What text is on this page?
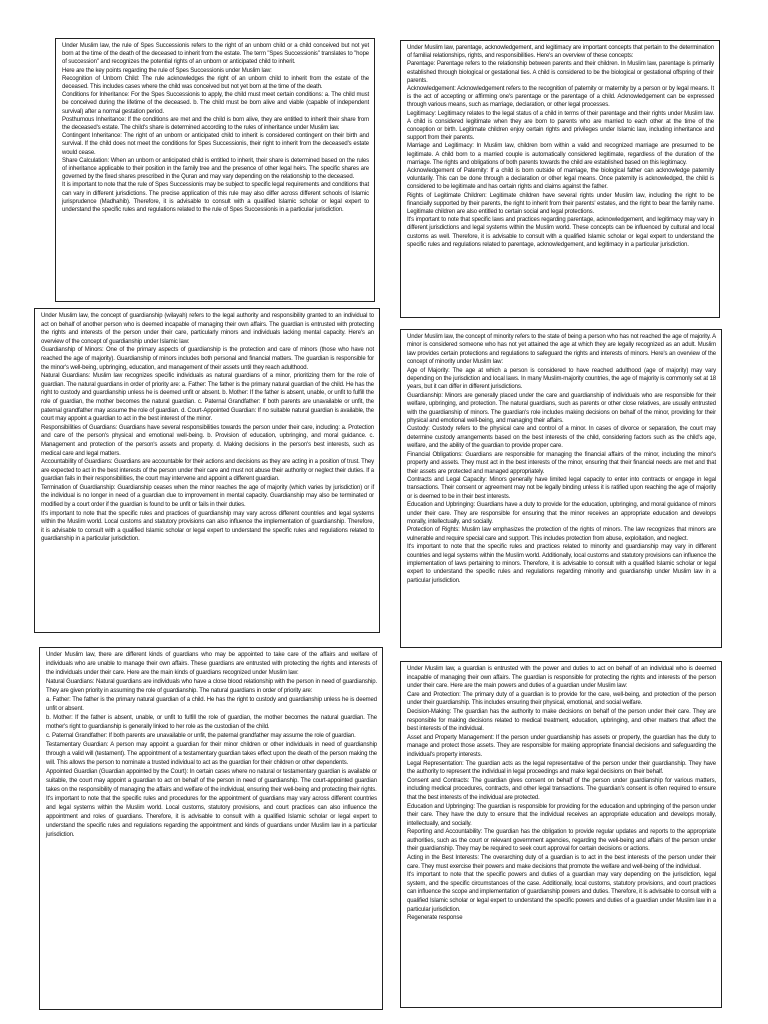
Under Muslim law, the rule of Spes Successionis refers to the right of an unborn child or a child conceived but not yet born at the time of the death of the deceased to inherit from the estate. The term "Spes Successionis" translates to "hope of succession" and recognizes the potential rights of an unborn or anticipated child to inherit.

Here are the key points regarding the rule of Spes Successionis under Muslim law:

Recognition of Unborn Child: The rule acknowledges the right of an unborn child to inherit from the estate of the deceased. This includes cases where the child was conceived but not yet born at the time of the death.

Conditions for Inheritance: For the Spes Successionis to apply, the child must meet certain conditions: a. The child must be conceived during the lifetime of the deceased. b. The child must be born alive and viable (capable of independent survival) after a normal gestation period.

Posthumous Inheritance: If the conditions are met and the child is born alive, they are entitled to inherit their share from the deceased's estate. The child's share is determined according to the rules of inheritance under Muslim law.

Contingent Inheritance: The right of an unborn or anticipated child to inherit is considered contingent on their birth and survival. If the child does not meet the conditions for Spes Successionis, their right to inherit from the deceased's estate would cease.

Share Calculation: When an unborn or anticipated child is entitled to inherit, their share is determined based on the rules of inheritance applicable to their position in the family tree and the presence of other legal heirs. The specific shares are governed by the fixed shares prescribed in the Quran and may vary depending on the relationship to the deceased.

It is important to note that the rule of Spes Successionis may be subject to specific legal requirements and conditions that can vary in different jurisdictions. The precise application of this rule may also differ across different schools of Islamic jurisprudence (Madhahib). Therefore, it is advisable to consult with a qualified Islamic scholar or legal expert to understand the specific rules and regulations related to the rule of Spes Successionis in a particular jurisdiction.

Under Muslim law, the concept of guardianship (wilayah) refers to the legal authority and responsibility granted to an individual to act on behalf of another person who is deemed incapable of managing their own affairs. The guardian is entrusted with protecting the rights and interests of the person under their care, particularly minors and individuals lacking mental capacity. Here's an overview of the concept of guardianship under Islamic law:

Guardianship of Minors: One of the primary aspects of guardianship is the protection and care of minors (those who have not reached the age of majority). Guardianship of minors includes both personal and financial matters. The guardian is responsible for the minor's well-being, upbringing, education, and management of their assets until they reach adulthood.

Natural Guardians: Muslim law recognizes specific individuals as natural guardians of a minor, prioritizing them for the role of guardian. The natural guardians in order of priority are: a. Father: The father is the primary natural guardian of the child. He has the right to custody and guardianship unless he is deemed unfit or absent. b. Mother: If the father is absent, unable, or unfit to fulfill the role of guardian, the mother becomes the natural guardian. c. Paternal Grandfather: If both parents are unavailable or unfit, the paternal grandfather may assume the role of guardian. d. Court-Appointed Guardian: If no suitable natural guardian is available, the court may appoint a guardian to act in the best interest of the minor.

Responsibilities of Guardians: Guardians have several responsibilities towards the person under their care, including: a. Protection and care of the person's physical and emotional well-being. b. Provision of education, upbringing, and moral guidance. c. Management and protection of the person's assets and property. d. Making decisions in the person's best interests, such as medical care and legal matters.

Accountability of Guardians: Guardians are accountable for their actions and decisions as they are acting in a position of trust. They are expected to act in the best interests of the person under their care and must not abuse their authority or neglect their duties. If a guardian fails in their responsibilities, the court may intervene and appoint a different guardian.

Termination of Guardianship: Guardianship ceases when the minor reaches the age of majority (which varies by jurisdiction) or if the individual is no longer in need of a guardian due to improvement in mental capacity. Guardianship may also be terminated or modified by a court order if the guardian is found to be unfit or fails in their duties.

It's important to note that the specific rules and practices of guardianship may vary across different countries and legal systems within the Muslim world. Local customs and statutory provisions can also influence the implementation of guardianship. Therefore, it is advisable to consult with a qualified Islamic scholar or legal expert to understand the specific rules and regulations related to guardianship in a particular jurisdiction.

Under Muslim law, there are different kinds of guardians who may be appointed to take care of the affairs and welfare of individuals who are unable to manage their own affairs. These guardians are entrusted with protecting the rights and interests of the individuals under their care. Here are the main kinds of guardians recognized under Muslim law:

Natural Guardians: Natural guardians are individuals who have a close blood relationship with the person in need of guardianship. They are given priority in assuming the role of guardianship. The natural guardians in order of priority are:

a. Father: The father is the primary natural guardian of a child. He has the right to custody and guardianship unless he is deemed unfit or absent.

b. Mother: If the father is absent, unable, or unfit to fulfill the role of guardian, the mother becomes the natural guardian. The mother's right to guardianship is generally linked to her role as the custodian of the child.

c. Paternal Grandfather: If both parents are unavailable or unfit, the paternal grandfather may assume the role of guardian.

Testamentary Guardian: A person may appoint a guardian for their minor children or other individuals in need of guardianship through a valid will (testament). The appointment of a testamentary guardian takes effect upon the death of the person making the will. This allows the person to nominate a trusted individual to act as the guardian for their children or other dependents.

Appointed Guardian (Guardian appointed by the Court): In certain cases where no natural or testamentary guardian is available or suitable, the court may appoint a guardian to act on behalf of the person in need of guardianship. The court-appointed guardian takes on the responsibility of managing the affairs and welfare of the individual, ensuring their well-being and protecting their rights.

It's important to note that the specific rules and procedures for the appointment of guardians may vary across different countries and legal systems within the Muslim world. Local customs, statutory provisions, and court practices can also influence the appointment and roles of guardians. Therefore, it is advisable to consult with a qualified Islamic scholar or legal expert to understand the specific rules and regulations regarding the appointment and kinds of guardians under Muslim law in a particular jurisdiction.

Under Muslim law, parentage, acknowledgement, and legitimacy are important concepts that pertain to the determination of familial relationships, rights, and responsibilities. Here's an overview of these concepts:

Parentage: Parentage refers to the relationship between parents and their children. In Muslim law, parentage is primarily established through biological or gestational ties. A child is considered to be the biological or gestational offspring of their parents.

Acknowledgement: Acknowledgement refers to the recognition of paternity or maternity by a person or by legal means. It is the act of accepting or affirming one's parentage or the parentage of a child. Acknowledgement can be expressed through various means, such as marriage, declaration, or other legal processes.

Legitimacy: Legitimacy relates to the legal status of a child in terms of their parentage and their rights under Muslim law. A child is considered legitimate when they are born to parents who are married to each other at the time of the conception or birth. Legitimate children enjoy certain rights and privileges under Islamic law, including inheritance and support from their parents.

Marriage and Legitimacy: In Muslim law, children born within a valid and recognized marriage are presumed to be legitimate. A child born to a married couple is automatically considered legitimate, regardless of the duration of the marriage. The rights and obligations of both parents towards the child are established based on this legitimacy.

Acknowledgement of Paternity: If a child is born outside of marriage, the biological father can acknowledge paternity voluntarily. This can be done through a declaration or other legal means. Once paternity is acknowledged, the child is considered to be legitimate and has certain rights and claims against the father.

Rights of Legitimate Children: Legitimate children have several rights under Muslim law, including the right to be financially supported by their parents, the right to inherit from their parents' estates, and the right to bear the family name. Legitimate children are also entitled to certain social and legal protections.

It's important to note that specific laws and practices regarding parentage, acknowledgement, and legitimacy may vary in different jurisdictions and legal systems within the Muslim world. These concepts can be influenced by cultural and local customs as well. Therefore, it is advisable to consult with a qualified Islamic scholar or legal expert to understand the specific rules and regulations related to parentage, acknowledgement, and legitimacy in a particular jurisdiction.

Under Muslim law, the concept of minority refers to the state of being a person who has not reached the age of majority. A minor is considered someone who has not yet attained the age at which they are legally recognized as an adult. Muslim law provides certain protections and regulations to safeguard the rights and interests of minors. Here's an overview of the concept of minority under Muslim law:

Age of Majority: The age at which a person is considered to have reached adulthood (age of majority) may vary depending on the jurisdiction and local laws. In many Muslim-majority countries, the age of majority is commonly set at 18 years, but it can differ in different jurisdictions.

Guardianship: Minors are generally placed under the care and guardianship of individuals who are responsible for their welfare, upbringing, and protection. The natural guardians, such as parents or other close relatives, are usually entrusted with the guardianship of minors. The guardian's role includes making decisions on behalf of the minor, providing for their physical and emotional well-being, and managing their affairs.

Custody: Custody refers to the physical care and control of a minor. In cases of divorce or separation, the court may determine custody arrangements based on the best interests of the child, considering factors such as the child's age, welfare, and the ability of the guardian to provide proper care.

Financial Obligations: Guardians are responsible for managing the financial affairs of the minor, including the minor's property and assets. They must act in the best interests of the minor, ensuring that their financial needs are met and that their assets are protected and managed appropriately.

Contracts and Legal Capacity: Minors generally have limited legal capacity to enter into contracts or engage in legal transactions. Their consent or agreement may not be legally binding unless it is ratified upon reaching the age of majority or is deemed to be in their best interests.

Education and Upbringing: Guardians have a duty to provide for the education, upbringing, and moral guidance of minors under their care. They are responsible for ensuring that the minor receives an appropriate education and develops morally, intellectually, and socially.

Protection of Rights: Muslim law emphasizes the protection of the rights of minors. The law recognizes that minors are vulnerable and require special care and support. This includes protection from abuse, exploitation, and neglect.

It's important to note that the specific rules and practices related to minority and guardianship may vary in different countries and legal systems within the Muslim world. Additionally, local customs and statutory provisions can influence the implementation of laws pertaining to minors. Therefore, it is advisable to consult with a qualified Islamic scholar or legal expert to understand the specific rules and regulations regarding minority and guardianship under Muslim law in a particular jurisdiction.

Under Muslim law, a guardian is entrusted with the power and duties to act on behalf of an individual who is deemed incapable of managing their own affairs. The guardian is responsible for protecting the rights and interests of the person under their care. Here are the main powers and duties of a guardian under Muslim law:

Care and Protection: The primary duty of a guardian is to provide for the care, well-being, and protection of the person under their guardianship. This includes ensuring their physical, emotional, and social welfare.

Decision-Making: The guardian has the authority to make decisions on behalf of the person under their care. They are responsible for making decisions related to medical treatment, education, upbringing, and other matters that affect the best interests of the individual.

Asset and Property Management: If the person under guardianship has assets or property, the guardian has the duty to manage and protect those assets. They are responsible for making appropriate financial decisions and safeguarding the individual's property interests.

Legal Representation: The guardian acts as the legal representative of the person under their guardianship. They have the authority to represent the individual in legal proceedings and make legal decisions on their behalf.

Consent and Contracts: The guardian gives consent on behalf of the person under guardianship for various matters, including medical procedures, contracts, and other legal transactions. The guardian's consent is often required to ensure that the best interests of the individual are protected.

Education and Upbringing: The guardian is responsible for providing for the education and upbringing of the person under their care. They have the duty to ensure that the individual receives an appropriate education and develops morally, intellectually, and socially.

Reporting and Accountability: The guardian has the obligation to provide regular updates and reports to the appropriate authorities, such as the court or relevant government agencies, regarding the well-being and affairs of the person under their guardianship. They may be required to seek court approval for certain decisions or actions.

Acting in the Best Interests: The overarching duty of a guardian is to act in the best interests of the person under their care. They must exercise their powers and make decisions that promote the welfare and well-being of the individual.

It's important to note that the specific powers and duties of a guardian may vary depending on the jurisdiction, legal system, and the specific circumstances of the case. Additionally, local customs, statutory provisions, and court practices can influence the scope and implementation of guardianship powers and duties. Therefore, it is advisable to consult with a qualified Islamic scholar or legal expert to understand the specific powers and duties of a guardian under Muslim law in a particular jurisdiction.

Regenerate response
